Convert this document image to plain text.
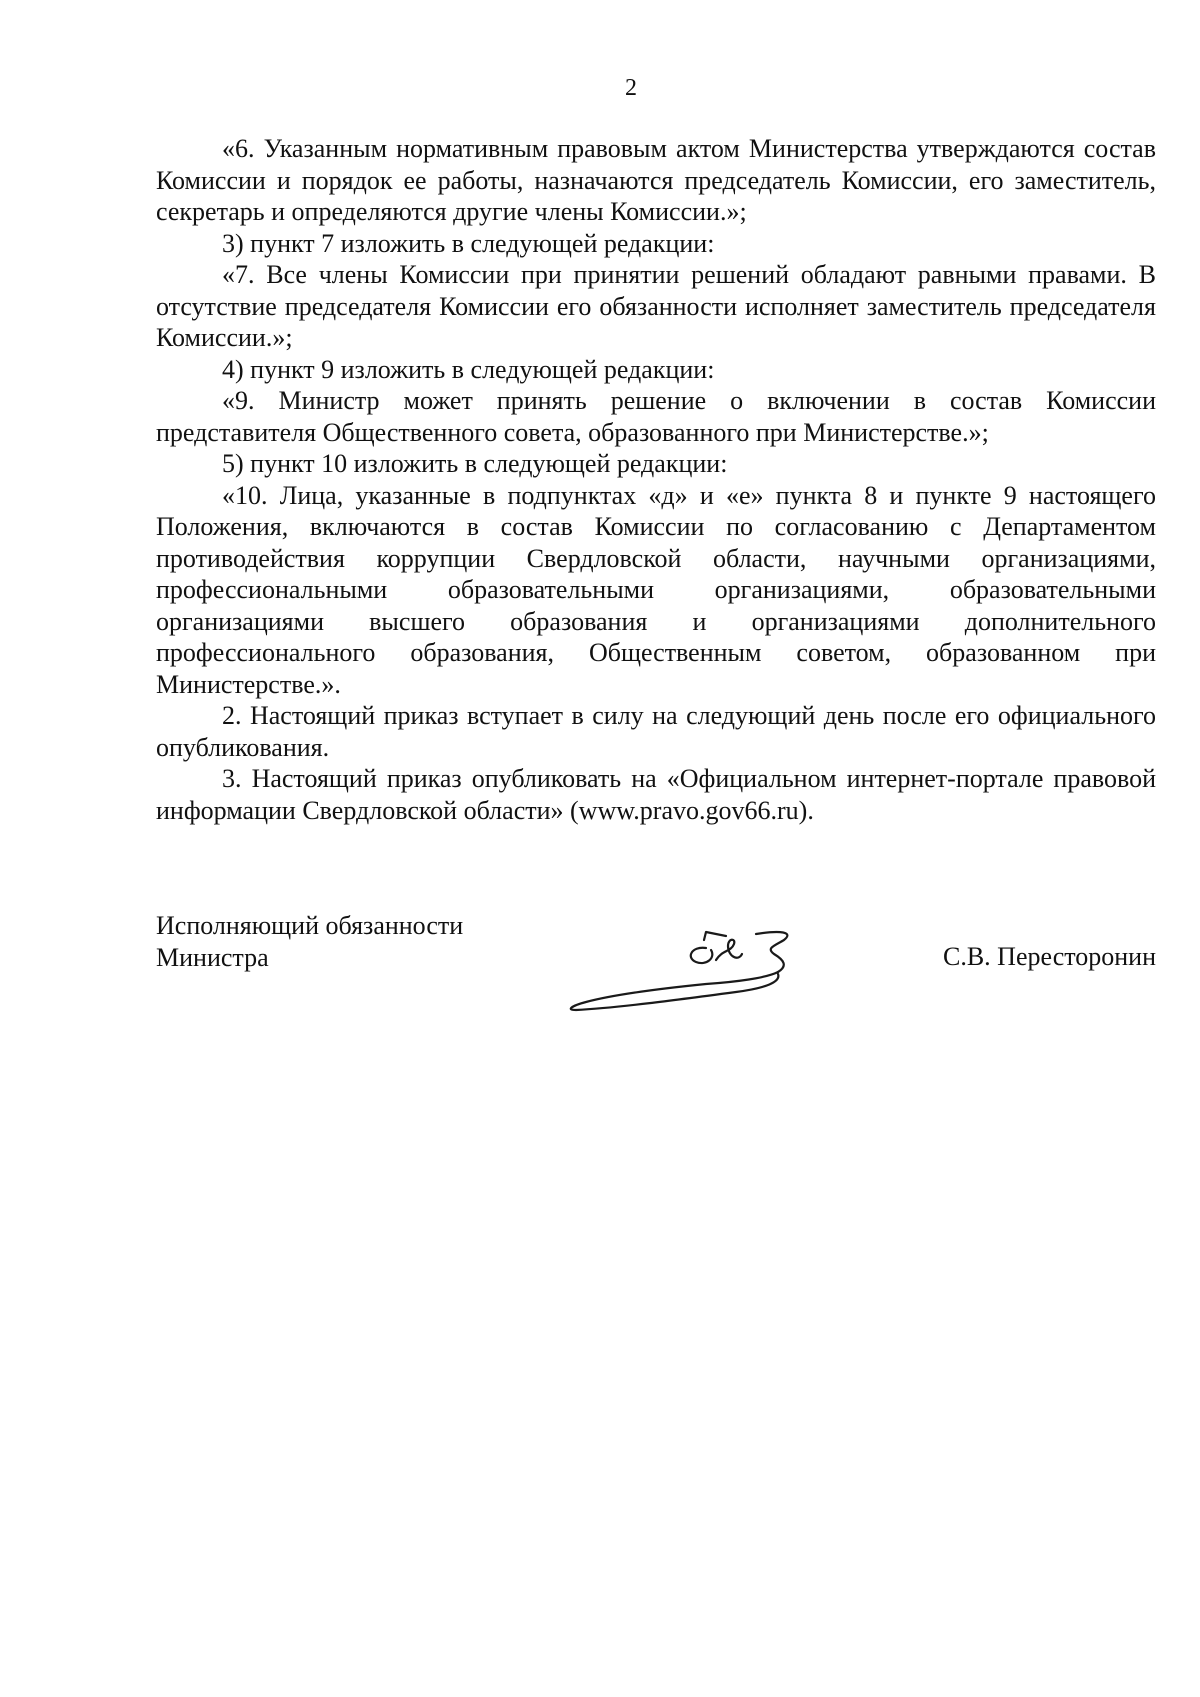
2

«6. Указанным нормативным правовым актом Министерства утверждаются состав Комиссии и порядок ее работы, назначаются председатель Комиссии, его заместитель, секретарь и определяются другие члены Комиссии.»;

3) пункт 7 изложить в следующей редакции:

«7. Все члены Комиссии при принятии решений обладают равными правами. В отсутствие председателя Комиссии его обязанности исполняет заместитель председателя Комиссии.»;

4) пункт 9 изложить в следующей редакции:

«9. Министр может принять решение о включении в состав Комиссии представителя Общественного совета, образованного при Министерстве.»;

5) пункт 10 изложить в следующей редакции:

«10. Лица, указанные в подпунктах «д» и «е» пункта 8 и пункте 9 настоящего Положения, включаются в состав Комиссии по согласованию с Департаментом противодействия коррупции Свердловской области, научными организациями, профессиональными образовательными организациями, образовательными организациями высшего образования и организациями дополнительного профессионального образования, Общественным советом, образованном при Министерстве.».

2. Настоящий приказ вступает в силу на следующий день после его официального опубликования.

3. Настоящий приказ опубликовать на «Официальном интернет-портале правовой информации Свердловской области» (www.pravo.gov66.ru).

Исполняющий обязанности
Министра	С.В. Пересторонин
